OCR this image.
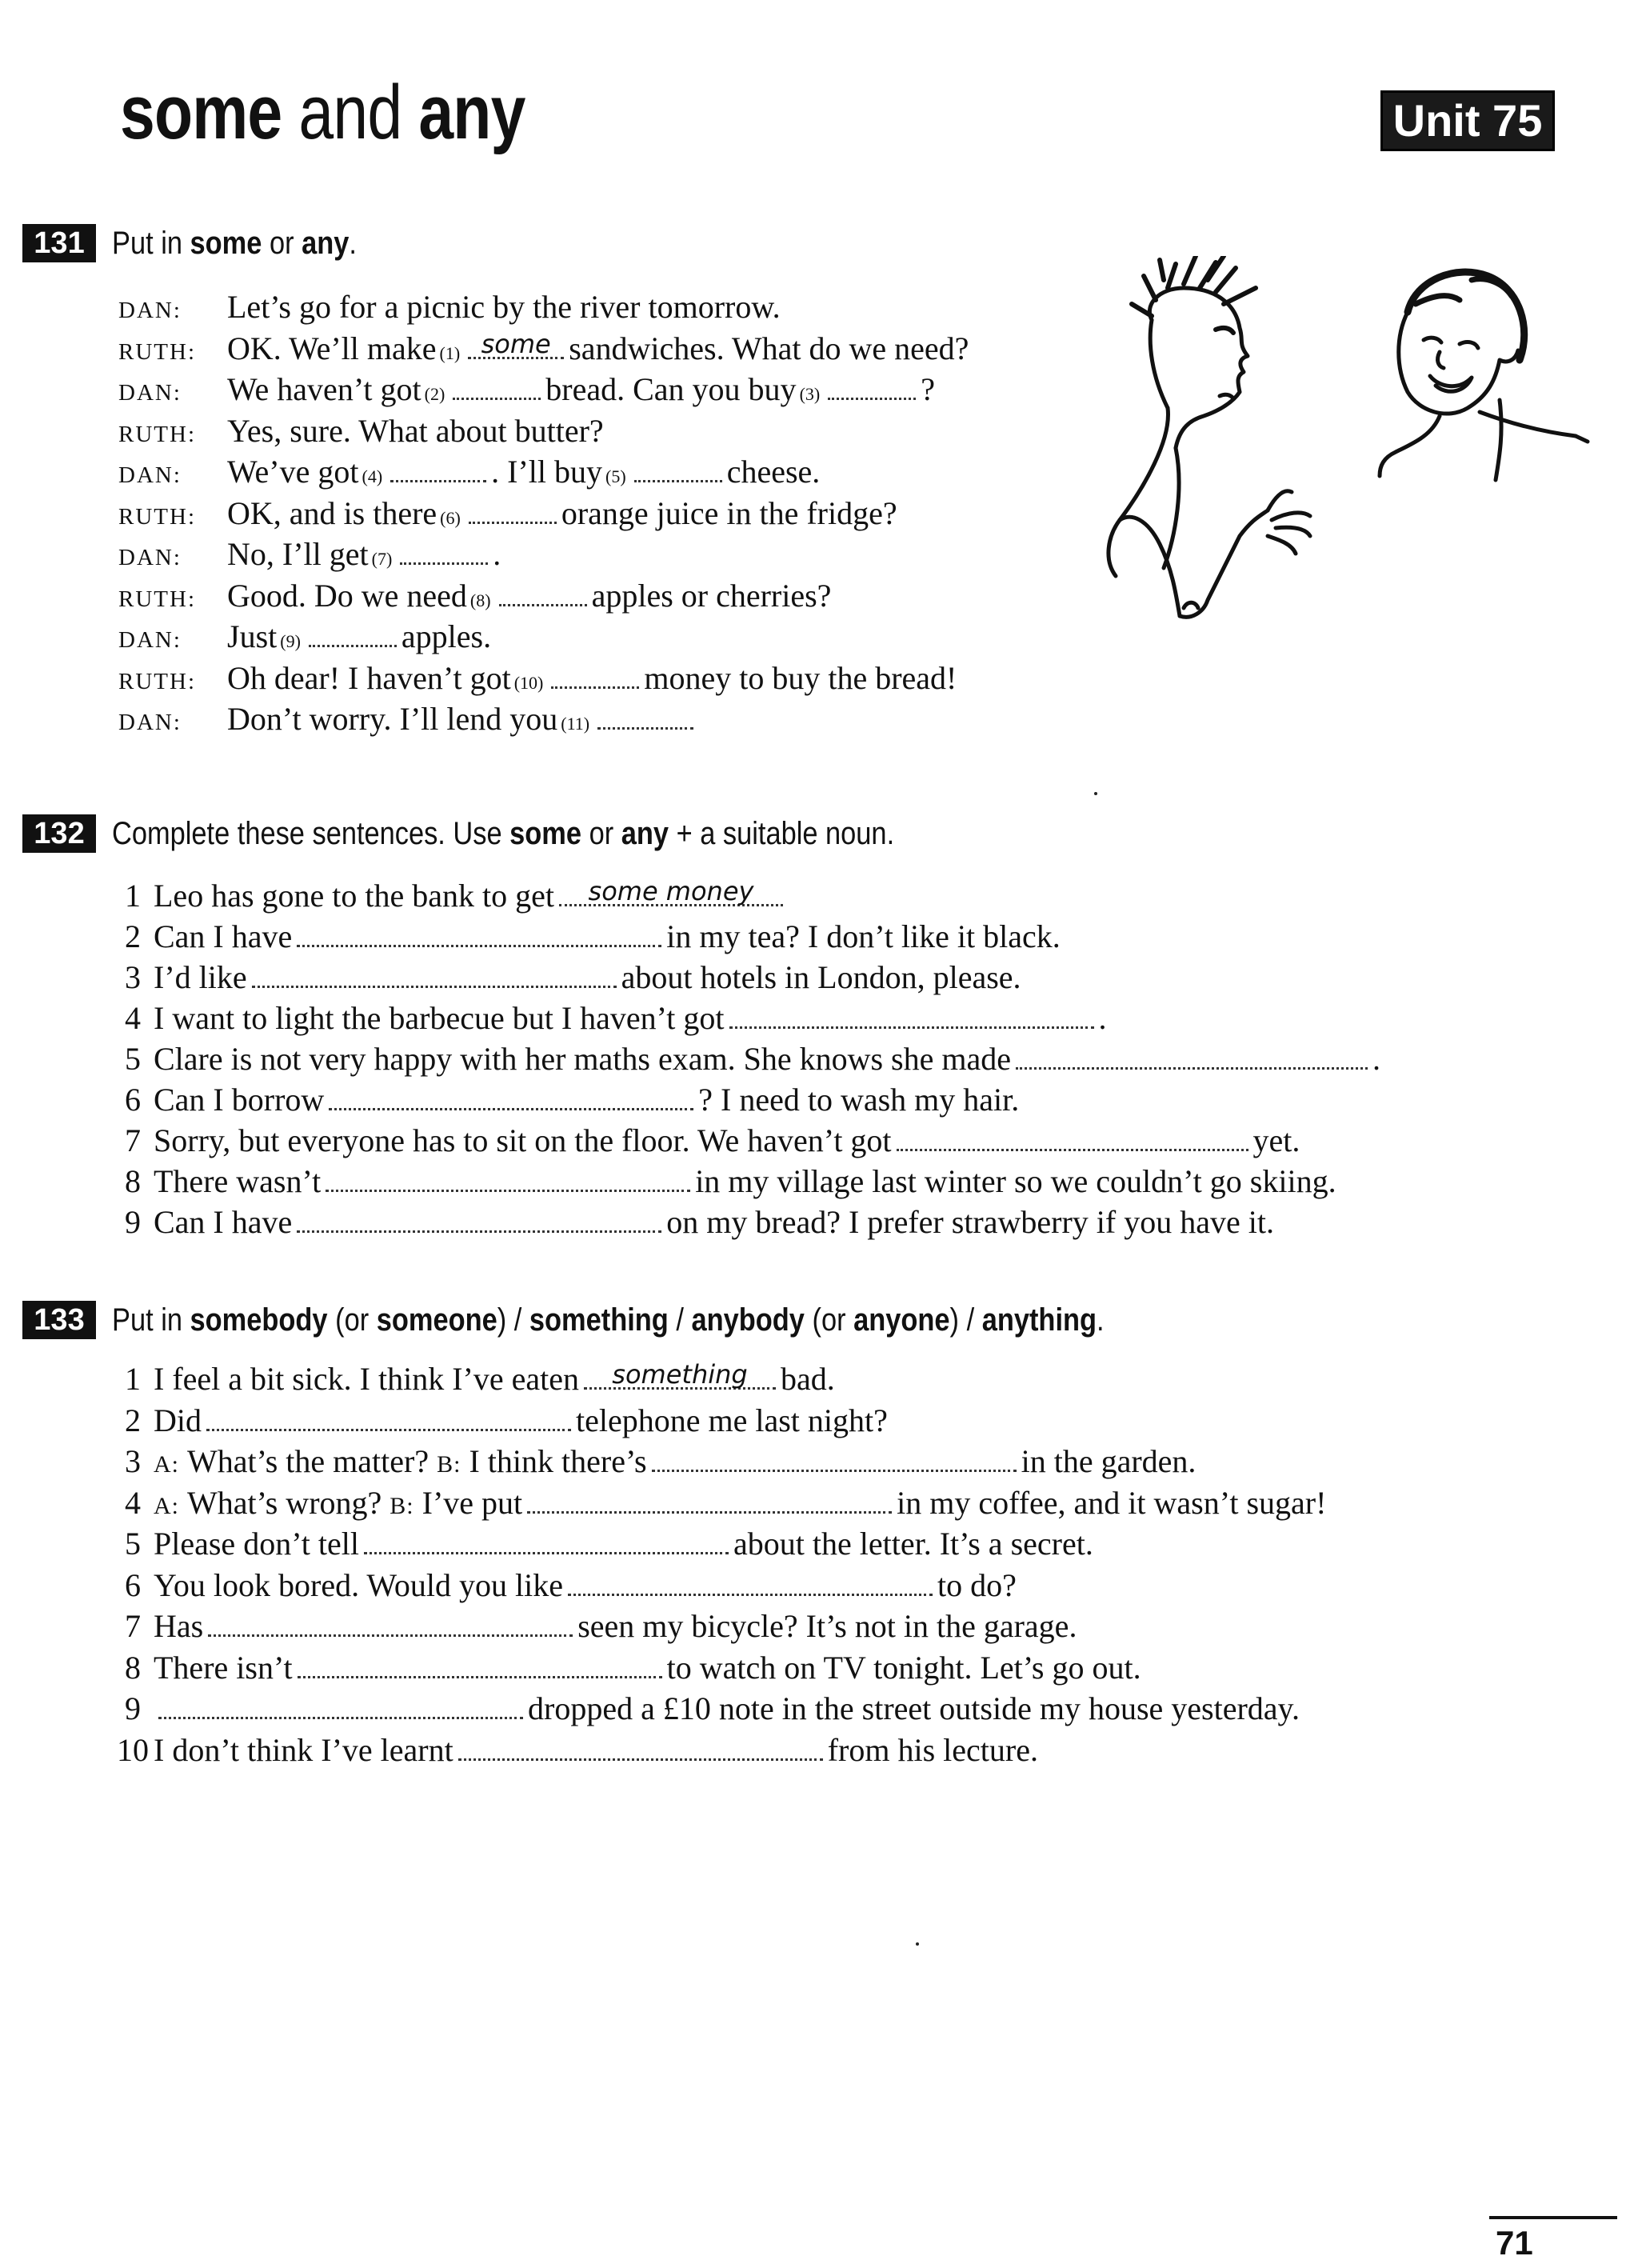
some and any	Unit 75
131 Put in some or any.
DAN:	Let’s go for a picnic by the river tomorrow.
RUTH: OK. We’ll make (1) some sandwiches. What do we need?
DAN:	We haven’t got (2)	bread. Can you buy (3)	?
RUTH: Yes, sure. What about butter?
DAN:	We’ve got (4)	. I’ll buy (5)	cheese.
RUTH: OK, and is there (6)	orange juice in the fridge?
DAN:	No, I’ll get (7)	.
RUTH: Good. Do we need (8)	apples or cherries?
DAN:	Just (9)	apples.
RUTH: Oh dear! I haven’t got (10)	money to buy the bread!
DAN:	Don’t worry. I’ll lend you (11)
132 Complete these sentences. Use some or any + a suitable noun.
1 Leo has gone to the bank to get	some money
2 Can I have	in my tea? I don’t like it black.
3 I’d like	about hotels in London, please.
4 I want to light the barbecue but I haven’t got	.
5 Clare is not very happy with her maths exam. She knows she made	.
6 Can I borrow	? I need to wash my hair.
7 Sorry, but everyone has to sit on the floor. We haven’t got	yet.
8 There wasn’t	in my village last winter so we couldn’t go skiing.
9 Can I have	on my bread? I prefer strawberry if you have it.
133 Put in somebody (or someone) / something / anybody (or anyone) / anything.
1 I feel a bit sick. I think I’ve eaten	something	bad.
2 Did	telephone me last night?
3 A:
What’s the matter?
B:
I think there’s	in the garden.
4 A:
What’s wrong?
B:
I’ve put	in my coffee, and it wasn’t sugar!
5 Please don’t tell	about the letter. It’s a secret.
6 You look bored. Would you like	to do?
7 Has	seen my bicycle? It’s not in the garage.
8 There isn’t	to watch on TV tonight. Let’s go out.
9	dropped a £10 note in the street outside my house yesterday.
10 I don’t think I’ve learnt	from his lecture.
71
